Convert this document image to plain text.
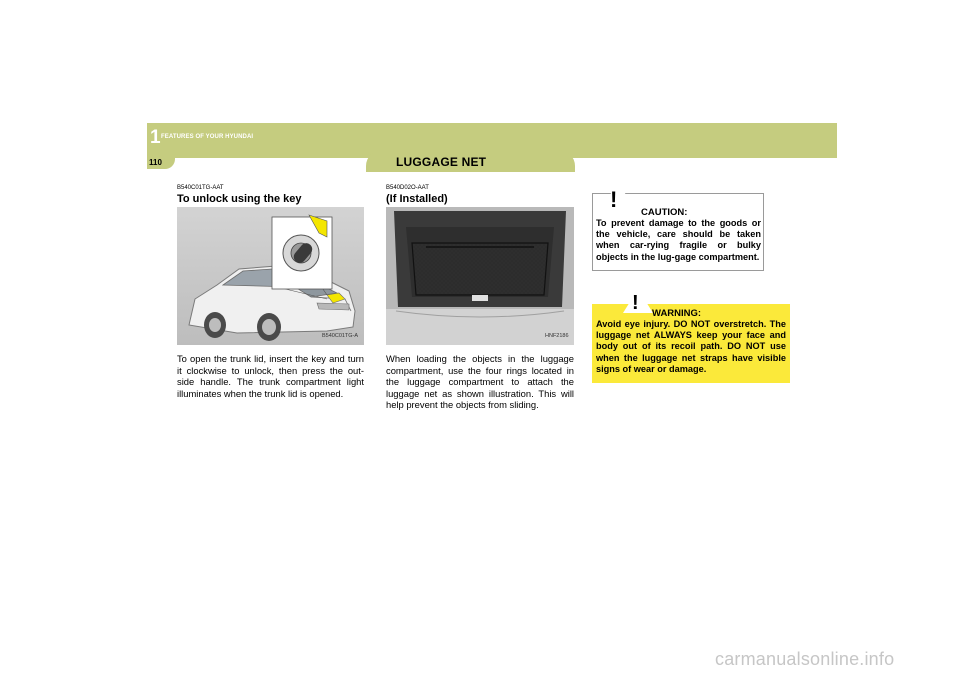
1 FEATURES OF YOUR HYUNDAI
110	LUGGAGE NET
B540C01TG-AAT
To unlock using the key
B540C01TG-A
To open the trunk lid, insert the key and turn it clockwise to unlock, then press the out-side handle. The trunk compartment light illuminates when the trunk lid is opened.
B540D02O-AAT
(If Installed)
HNF2186
When loading the objects in the luggage compartment, use the four rings located in the luggage compartment to attach the luggage net as shown illustration. This will help prevent the objects from sliding.
!
CAUTION:
To prevent damage to the goods or the vehicle, care should be taken when car-rying fragile or bulky objects in the lug-gage compartment.
! WARNING:
Avoid eye injury. DO NOT overstretch. The luggage net ALWAYS keep your face and body out of its recoil path. DO NOT use when the luggage net straps have visible signs of wear or damage.
carmanualsonline.info
